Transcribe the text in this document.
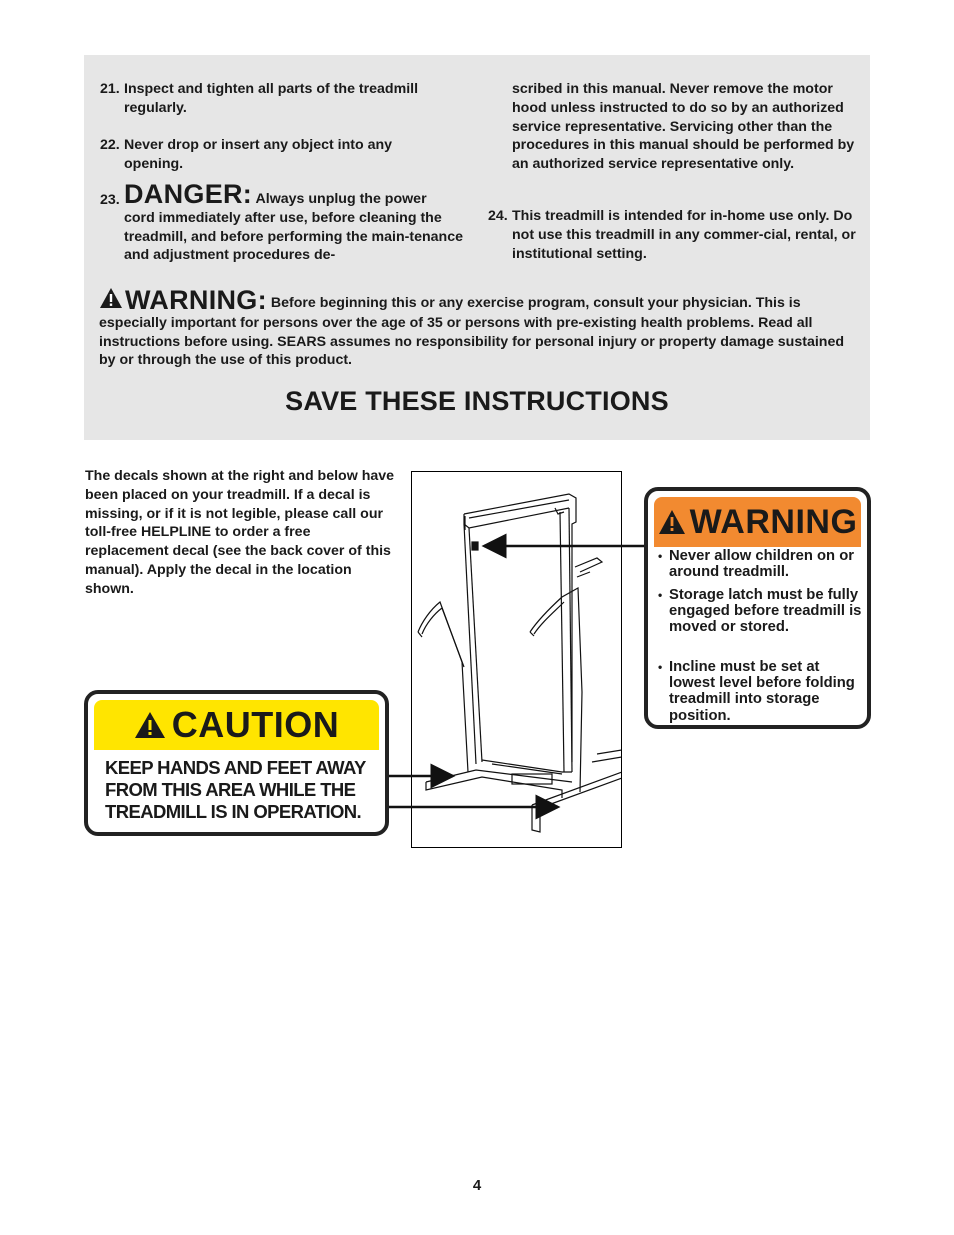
21. Inspect and tighten all parts of the treadmill regularly.
22. Never drop or insert any object into any opening.
23. DANGER: Always unplug the power
cord immediately after use, before cleaning the treadmill, and before performing the main-tenance and adjustment procedures de-
scribed in this manual. Never remove the motor hood unless instructed to do so by an authorized service representative. Servicing other than the procedures in this manual should be performed by an authorized service representative only.
24. This treadmill is intended for in-home use only. Do not use this treadmill in any commer-cial, rental, or institutional setting.
WARNING: Before beginning this or any exercise program, consult your physician. This is especially important for persons over the age of 35 or persons with pre-existing health problems. Read all instructions before using. SEARS assumes no responsibility for personal injury or property damage sustained by or through the use of this product.
SAVE THESE INSTRUCTIONS
The decals shown at the right and below have been placed on your treadmill. If a decal is missing, or if it is not legible, please call our toll-free HELPLINE to order a free replacement decal (see the back cover of this manual). Apply the decal in the location shown.
WARNING
• Never allow children on or around treadmill.
• Storage latch must be fully engaged before treadmill is moved or stored.
• Incline must be set at lowest level before folding treadmill into storage position.
CAUTION
KEEP HANDS AND FEET AWAY
FROM THIS AREA WHILE THE
TREADMILL IS IN OPERATION.
4
